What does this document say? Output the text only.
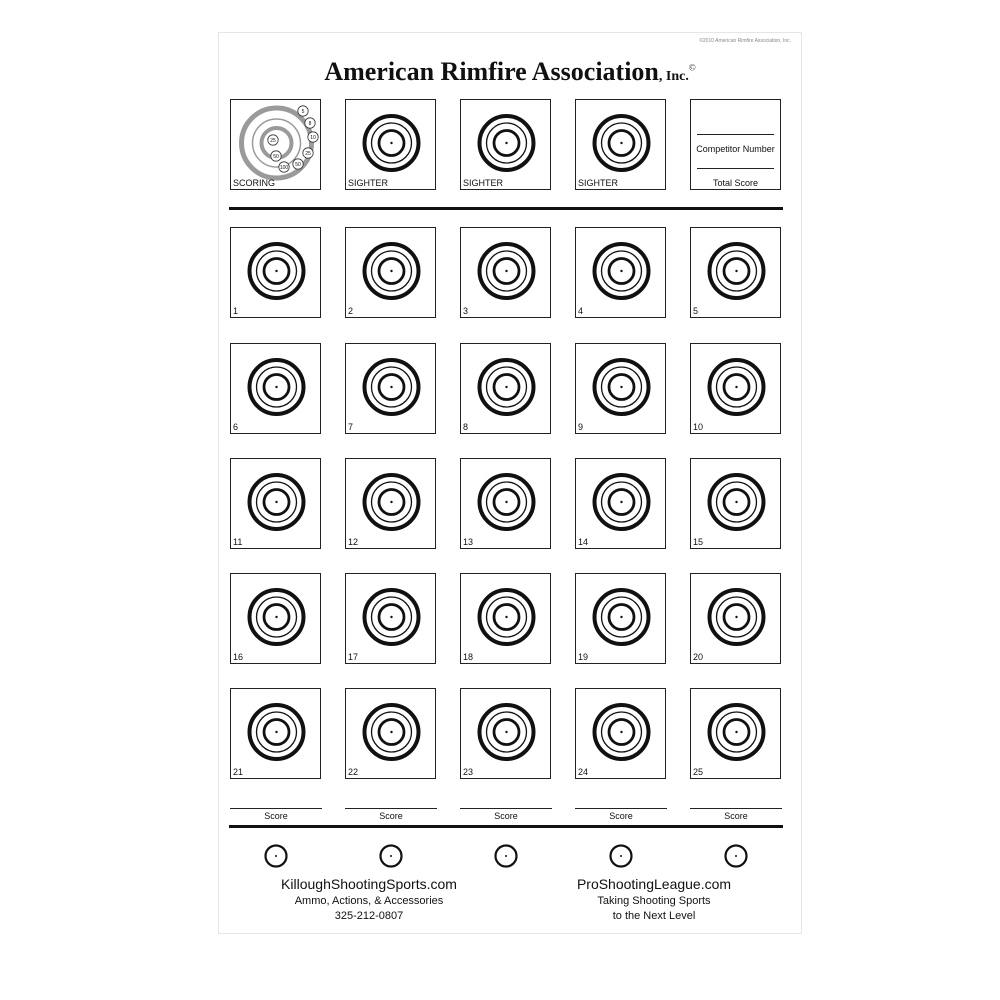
©2010 American Rimfire Association, Inc.
American Rimfire Association, Inc.©
5
8
10
25
50
100
50
25
SCORING	SIGHTER	SIGHTER	SIGHTER
Competitor Number
Total Score
1	2	3	4	5
6	7	8	9	10
11	12	13	14	15
16	17	18	19	20
21	22	23	24	25
Score	Score	Score	Score	Score
KilloughShootingSports.com
Ammo, Actions, & Accessories
325-212-0807
ProShootingLeague.com
Taking Shooting Sports
to the Next Level
